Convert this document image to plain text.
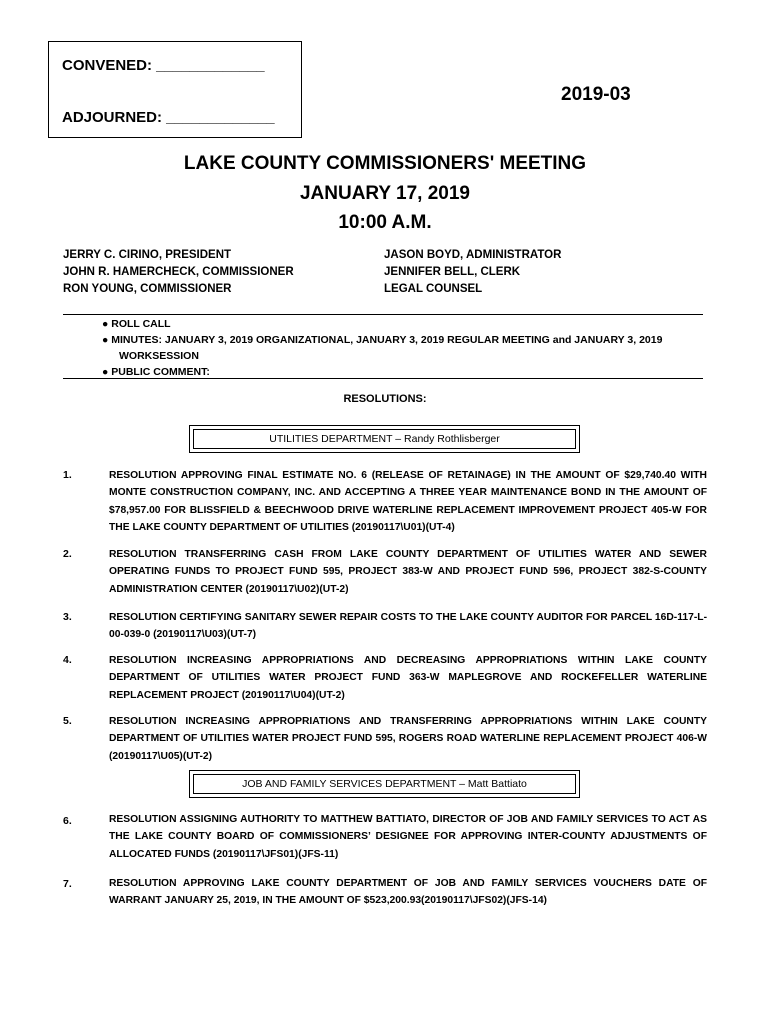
CONVENED: _____________
ADJOURNED: _____________
2019-03
LAKE COUNTY COMMISSIONERS' MEETING
JANUARY 17, 2019
10:00 A.M.
JERRY C. CIRINO, PRESIDENT
JOHN R. HAMERCHECK, COMMISSIONER
RON YOUNG, COMMISSIONER
JASON BOYD, ADMINISTRATOR
JENNIFER BELL, CLERK
LEGAL COUNSEL
● ROLL CALL
● MINUTES: JANUARY 3, 2019 ORGANIZATIONAL, JANUARY 3, 2019 REGULAR MEETING and JANUARY 3, 2019
WORKSESSION
● PUBLIC COMMENT:
RESOLUTIONS:
UTILITIES DEPARTMENT – Randy Rothlisberger
1.	RESOLUTION APPROVING FINAL ESTIMATE NO. 6 (RELEASE OF RETAINAGE) IN THE AMOUNT OF $29,740.40 WITH MONTE CONSTRUCTION COMPANY, INC. AND ACCEPTING A THREE YEAR MAINTENANCE BOND IN THE AMOUNT OF $78,957.00 FOR BLISSFIELD & BEECHWOOD DRIVE WATERLINE REPLACEMENT IMPROVEMENT PROJECT 405-W FOR THE LAKE COUNTY DEPARTMENT OF UTILITIES (20190117\U01)(UT-4)
2.	RESOLUTION TRANSFERRING CASH FROM LAKE COUNTY DEPARTMENT OF UTILITIES WATER AND SEWER OPERATING FUNDS TO PROJECT FUND 595, PROJECT 383-W AND PROJECT FUND 596, PROJECT 382-S-COUNTY ADMINISTRATION CENTER (20190117\U02)(UT-2)
3.	RESOLUTION CERTIFYING SANITARY SEWER REPAIR COSTS TO THE LAKE COUNTY AUDITOR FOR PARCEL 16D-117-L-00-039-0 (20190117\U03)(UT-7)
4.	RESOLUTION INCREASING APPROPRIATIONS AND DECREASING APPROPRIATIONS WITHIN LAKE COUNTY DEPARTMENT OF UTILITIES WATER PROJECT FUND 363-W MAPLEGROVE AND ROCKEFELLER WATERLINE REPLACEMENT PROJECT (20190117\U04)(UT-2)
5.	RESOLUTION INCREASING APPROPRIATIONS AND TRANSFERRING APPROPRIATIONS WITHIN LAKE COUNTY DEPARTMENT OF UTILITIES WATER PROJECT FUND 595, ROGERS ROAD WATERLINE REPLACEMENT PROJECT 406-W (20190117\U05)(UT-2)
JOB AND FAMILY SERVICES DEPARTMENT – Matt Battiato
6.	RESOLUTION ASSIGNING AUTHORITY TO MATTHEW BATTIATO, DIRECTOR OF JOB AND FAMILY SERVICES TO ACT AS THE LAKE COUNTY BOARD OF COMMISSIONERS’ DESIGNEE FOR APPROVING INTER-COUNTY ADJUSTMENTS OF ALLOCATED FUNDS (20190117\JFS01)(JFS-11)
7.	RESOLUTION APPROVING LAKE COUNTY DEPARTMENT OF JOB AND FAMILY SERVICES VOUCHERS DATE OF WARRANT JANUARY 25, 2019, IN THE AMOUNT OF $523,200.93(20190117\JFS02)(JFS-14)
